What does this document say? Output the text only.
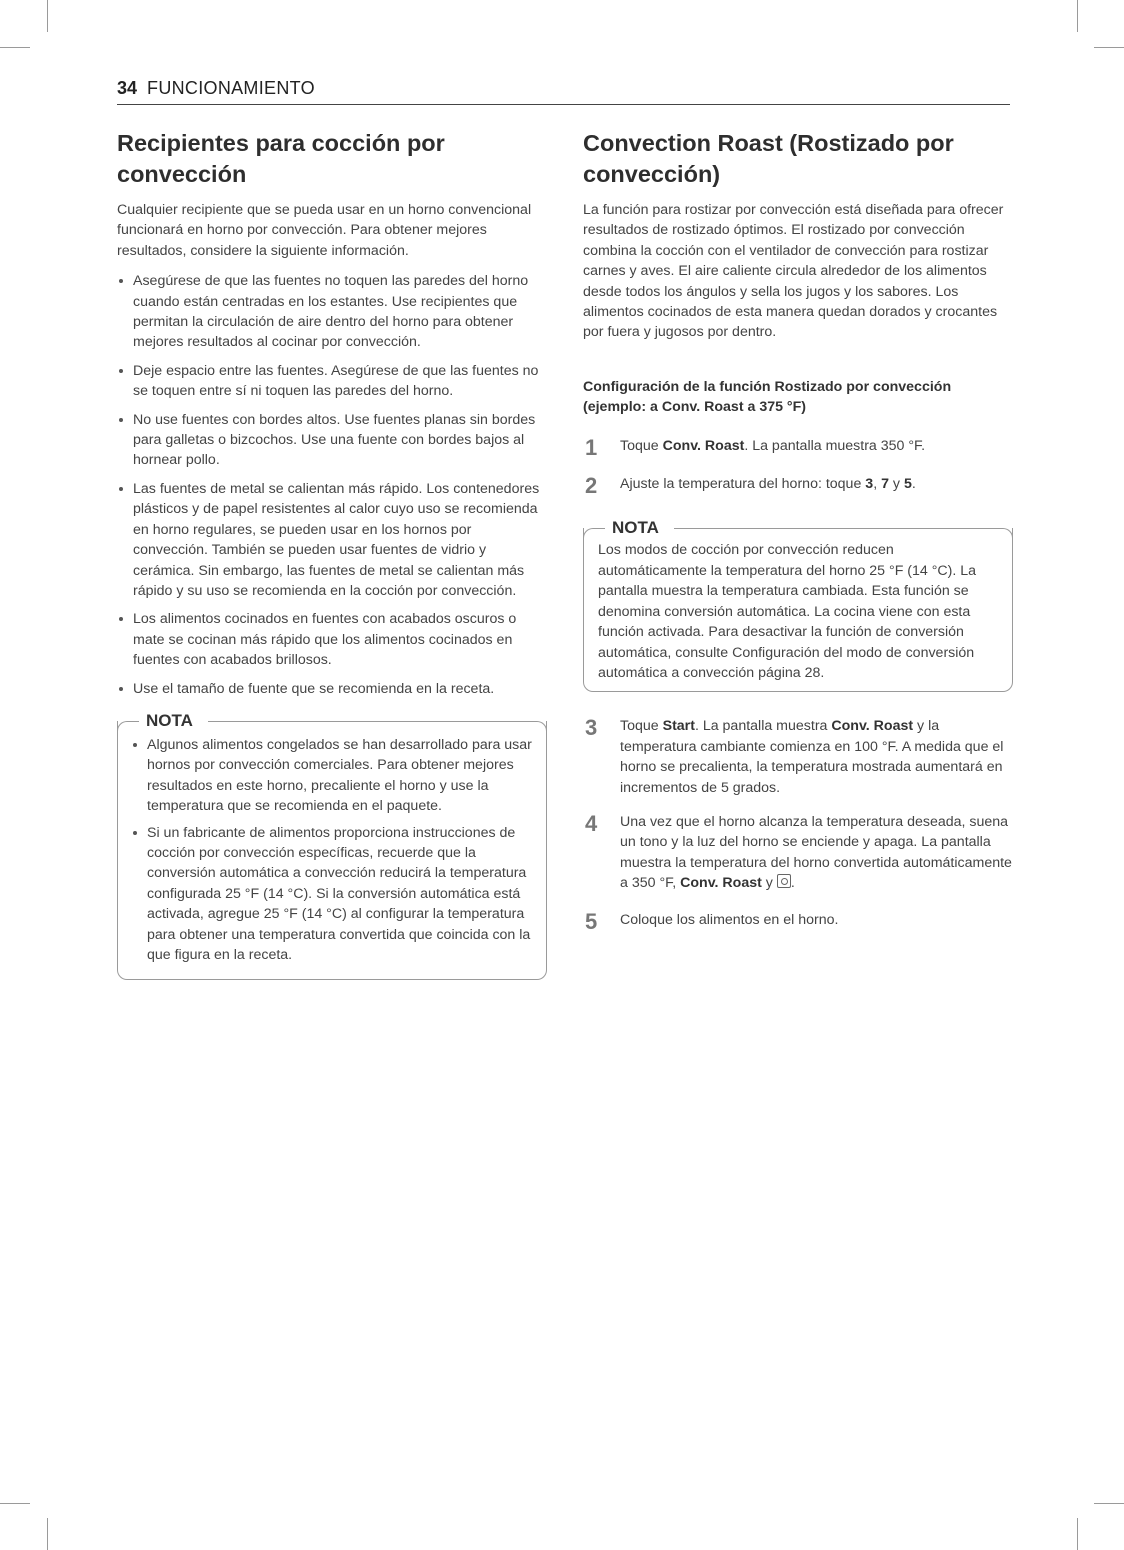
34 FUNCIONAMIENTO
Recipientes para cocción por convección

Cualquier recipiente que se pueda usar en un horno convencional funcionará en horno por convección. Para obtener mejores resultados, considere la siguiente información.

Asegúrese de que las fuentes no toquen las paredes del horno cuando están centradas en los estantes. Use recipientes que permitan la circulación de aire dentro del horno para obtener mejores resultados al cocinar por convección.
Deje espacio entre las fuentes. Asegúrese de que las fuentes no se toquen entre sí ni toquen las paredes del horno.
No use fuentes con bordes altos. Use fuentes planas sin bordes para galletas o bizcochos. Use una fuente con bordes bajos al hornear pollo.
Las fuentes de metal se calientan más rápido. Los contenedores plásticos y de papel resistentes al calor cuyo uso se recomienda en horno regulares, se pueden usar en los hornos por convección. También se pueden usar fuentes de vidrio y cerámica. Sin embargo, las fuentes de metal se calientan más rápido y su uso se recomienda en la cocción por convección.
Los alimentos cocinados en fuentes con acabados oscuros o mate se cocinan más rápido que los alimentos cocinados en fuentes con acabados brillosos.
Use el tamaño de fuente que se recomienda en la receta.
NOTA
Algunos alimentos congelados se han desarrollado para usar hornos por convección comerciales. Para obtener mejores resultados en este horno, precaliente el horno y use la temperatura que se recomienda en el paquete.
Si un fabricante de alimentos proporciona instrucciones de cocción por convección específicas, recuerde que la conversión automática a convección reducirá la temperatura configurada 25 °F (14 °C). Si la conversión automática está activada, agregue 25 °F (14 °C) al configurar la temperatura para obtener una temperatura convertida que coincida con la que figura en la receta.
Convection Roast (Rostizado por convección)

La función para rostizar por convección está diseñada para ofrecer resultados de rostizado óptimos. El rostizado por convección combina la cocción con el ventilador de convección para rostizar carnes y aves. El aire caliente circula alrededor de los alimentos desde todos los ángulos y sella los jugos y los sabores. Los alimentos cocinados de esta manera quedan dorados y crocantes por fuera y jugosos por dentro.

Configuración de la función Rostizado por convección (ejemplo: a Conv. Roast a 375 °F)
1 Toque Conv. Roast. La pantalla muestra 350 °F.
2 Ajuste la temperatura del horno: toque 3, 7 y 5.
NOTA

Los modos de cocción por convección reducen automáticamente la temperatura del horno 25 °F (14 °C). La pantalla muestra la temperatura cambiada. Esta función se denomina conversión automática. La cocina viene con esta función activada. Para desactivar la función de conversión automática, consulte Configuración del modo de conversión automática a convección página 28.

3 Toque Start. La pantalla muestra Conv. Roast y la temperatura cambiante comienza en 100 °F. A medida que el horno se precalienta, la temperatura mostrada aumentará en incrementos de 5 grados.
4 Una vez que el horno alcanza la temperatura deseada, suena un tono y la luz del horno se enciende y apaga. La pantalla muestra la temperatura del horno convertida automáticamente a 350 °F, Conv. Roast y .
5 Coloque los alimentos en el horno.
